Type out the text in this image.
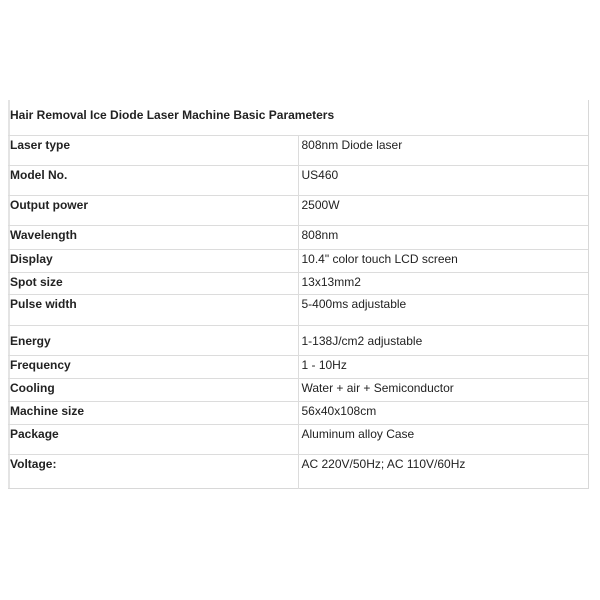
Hair Removal Ice Diode Laser Machine Basic Parameters	
Laser type	808nm Diode laser
Model No.	US460
Output power	2500W
Wavelength	808nm
Display	10.4" color touch LCD screen
Spot size	13x13mm2
Pulse width	5-400ms adjustable
Energy	1-138J/cm2 adjustable
Frequency	1 - 10Hz
Cooling	Water + air + Semiconductor
Machine size	56x40x108cm
Package	Aluminum alloy Case
Voltage:	AC 220V/50Hz; AC 110V/60Hz
